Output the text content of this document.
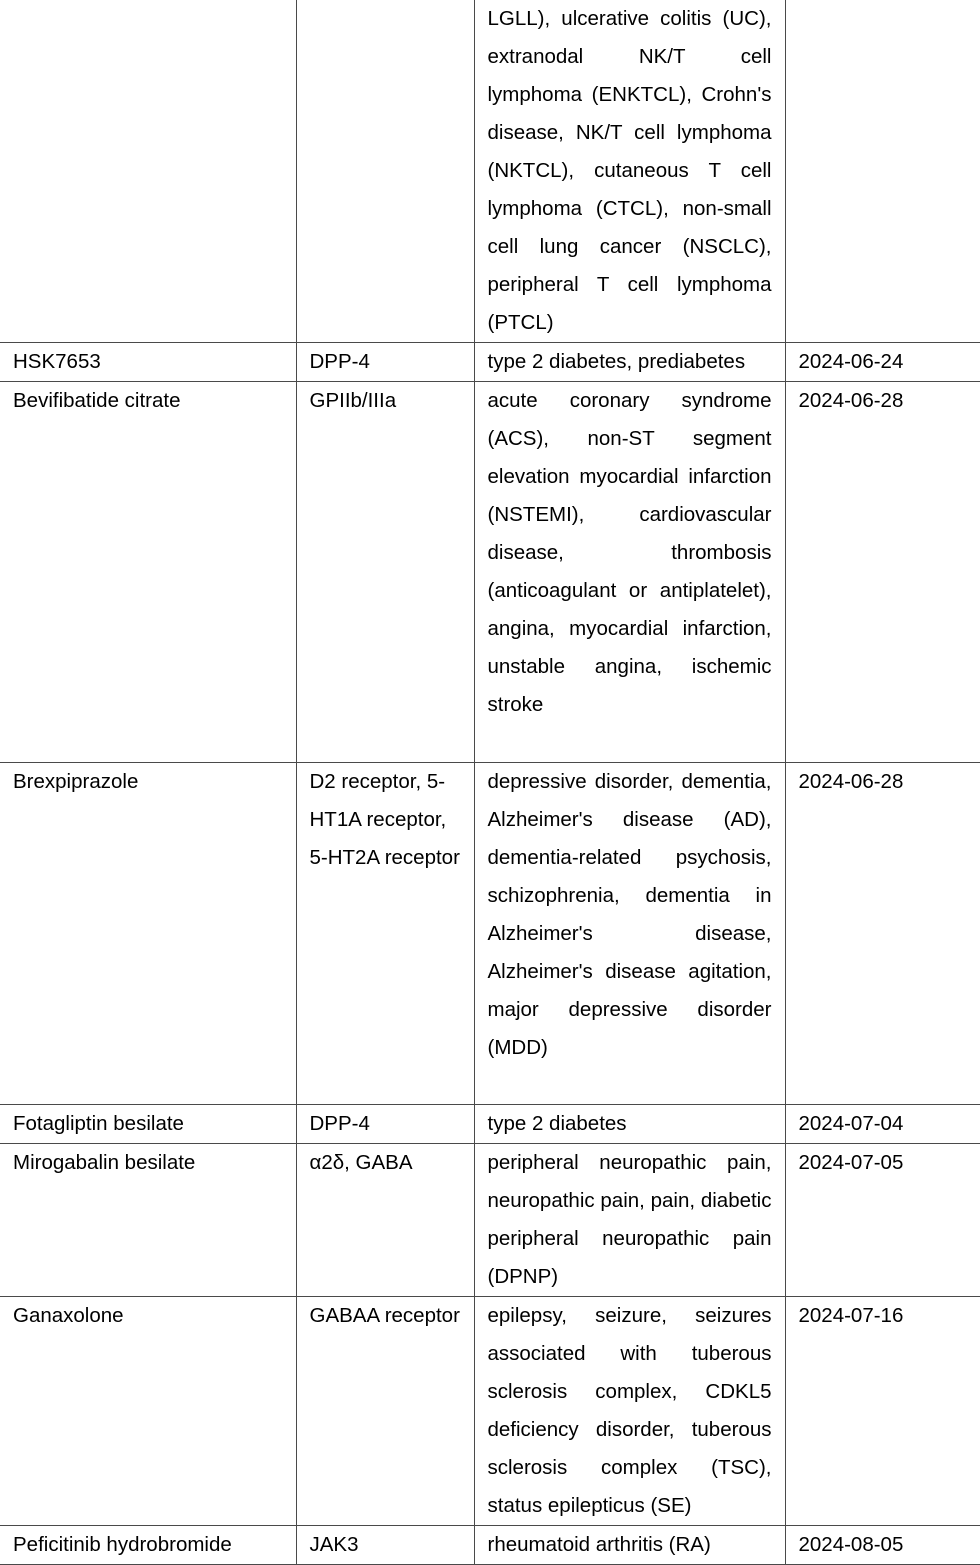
		LGLL), ulcerative colitis (UC), extranodal NK/T cell lymphoma (ENKTCL), Crohn's disease, NK/T cell lymphoma (NKTCL), cutaneous T cell lymphoma (CTCL), non-small cell lung cancer (NSCLC), peripheral T cell lymphoma (PTCL)	
HSK7653	DPP-4	type 2 diabetes, prediabetes	2024-06-24
Bevifibatide citrate	GPIIb/IIIa	acute coronary syndrome (ACS), non-ST segment elevation myocardial infarction (NSTEMI), cardiovascular disease, thrombosis (anticoagulant or antiplatelet), angina, myocardial infarction, unstable angina, ischemic stroke	2024-06-28
Brexpiprazole	D2 receptor, 5-HT1A receptor, 5-HT2A receptor	depressive disorder, dementia, Alzheimer's disease (AD), dementia-related psychosis, schizophrenia, dementia in Alzheimer's disease, Alzheimer's disease agitation, major depressive disorder (MDD)	2024-06-28
Fotagliptin besilate	DPP-4	type 2 diabetes	2024-07-04
Mirogabalin besilate	α2δ, GABA	peripheral neuropathic pain, neuropathic pain, pain, diabetic peripheral neuropathic pain (DPNP)	2024-07-05
Ganaxolone	GABAA receptor	epilepsy, seizure, seizures associated with tuberous sclerosis complex, CDKL5 deficiency disorder, tuberous sclerosis complex (TSC), status epilepticus (SE)	2024-07-16
Peficitinib hydrobromide	JAK3	rheumatoid arthritis (RA)	2024-08-05
